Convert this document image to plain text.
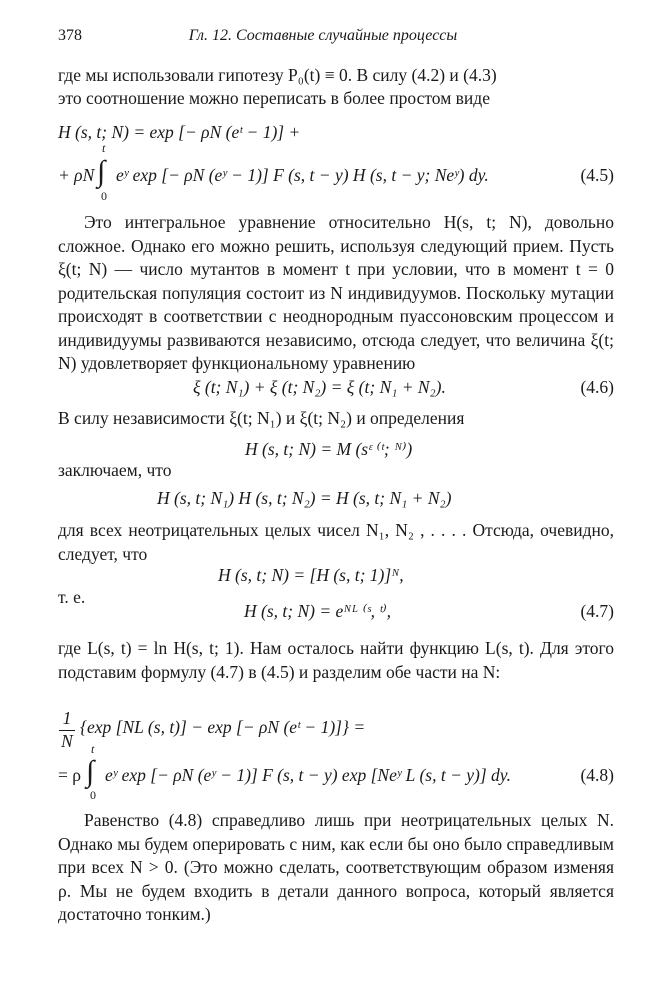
378	Гл. 12. Составные случайные процессы
где мы использовали гипотезу P₀(t) ≡ 0. В силу (4.2) и (4.3)
это соотношение можно переписать в более простом виде
H (s, t; N) = exp [− ρN (eᵗ − 1)] +
+ ρN
t
∫
0
eʸ exp [− ρN (eʸ − 1)] F (s, t − y) H (s, t − y; Neʸ) dy.	(4.5)
Это интегральное уравнение относительно H(s, t; N), довольно сложное. Однако его можно решить, используя следующий прием. Пусть ξ(t; N) — число мутантов в момент t при условии, что в момент t = 0 родительская популяция состоит из N индивидуумов. Поскольку мутации происходят в соответствии с неоднородным пуассоновским процессом и индивидуумы развиваются независимо, отсюда следует, что величина ξ(t; N) удовлетворяет функциональному уравнению
ξ (t; N₁) + ξ (t; N₂) = ξ (t; N₁ + N₂).	(4.6)
В силу независимости ξ(t; N₁) и ξ(t; N₂) и определения
H (s, t; N) = M (sᵋ ⁽ᵗ; ᴺ⁾)
заключаем, что
H (s, t; N₁) H (s, t; N₂) = H (s, t; N₁ + N₂)
для всех неотрицательных целых чисел N₁, N₂ , . . . . Отсюда, очевидно, следует, что
H (s, t; N) = [H (s, t; 1)]ᴺ,
т. е.
H (s, t; N) = eᴺᴸ ⁽ˢ, ᵗ⁾,	(4.7)
где L(s, t) = ln H(s, t; 1). Нам осталось найти функцию L(s, t). Для этого подставим формулу (4.7) в (4.5) и разделим обе части на N:
1
N
{exp [NL (s, t)] − exp [− ρN (eᵗ − 1)]} =
= ρ
t
∫
0
eʸ exp [− ρN (eʸ − 1)] F (s, t − y) exp [Neʸ L (s, t − y)] dy.	(4.8)
Равенство (4.8) справедливо лишь при неотрицательных целых N. Однако мы будем оперировать с ним, как если бы оно было справедливым при всех N > 0. (Это можно сделать, соответствующим образом изменяя ρ. Мы не будем входить в детали данного вопроса, который является достаточно тонким.)
